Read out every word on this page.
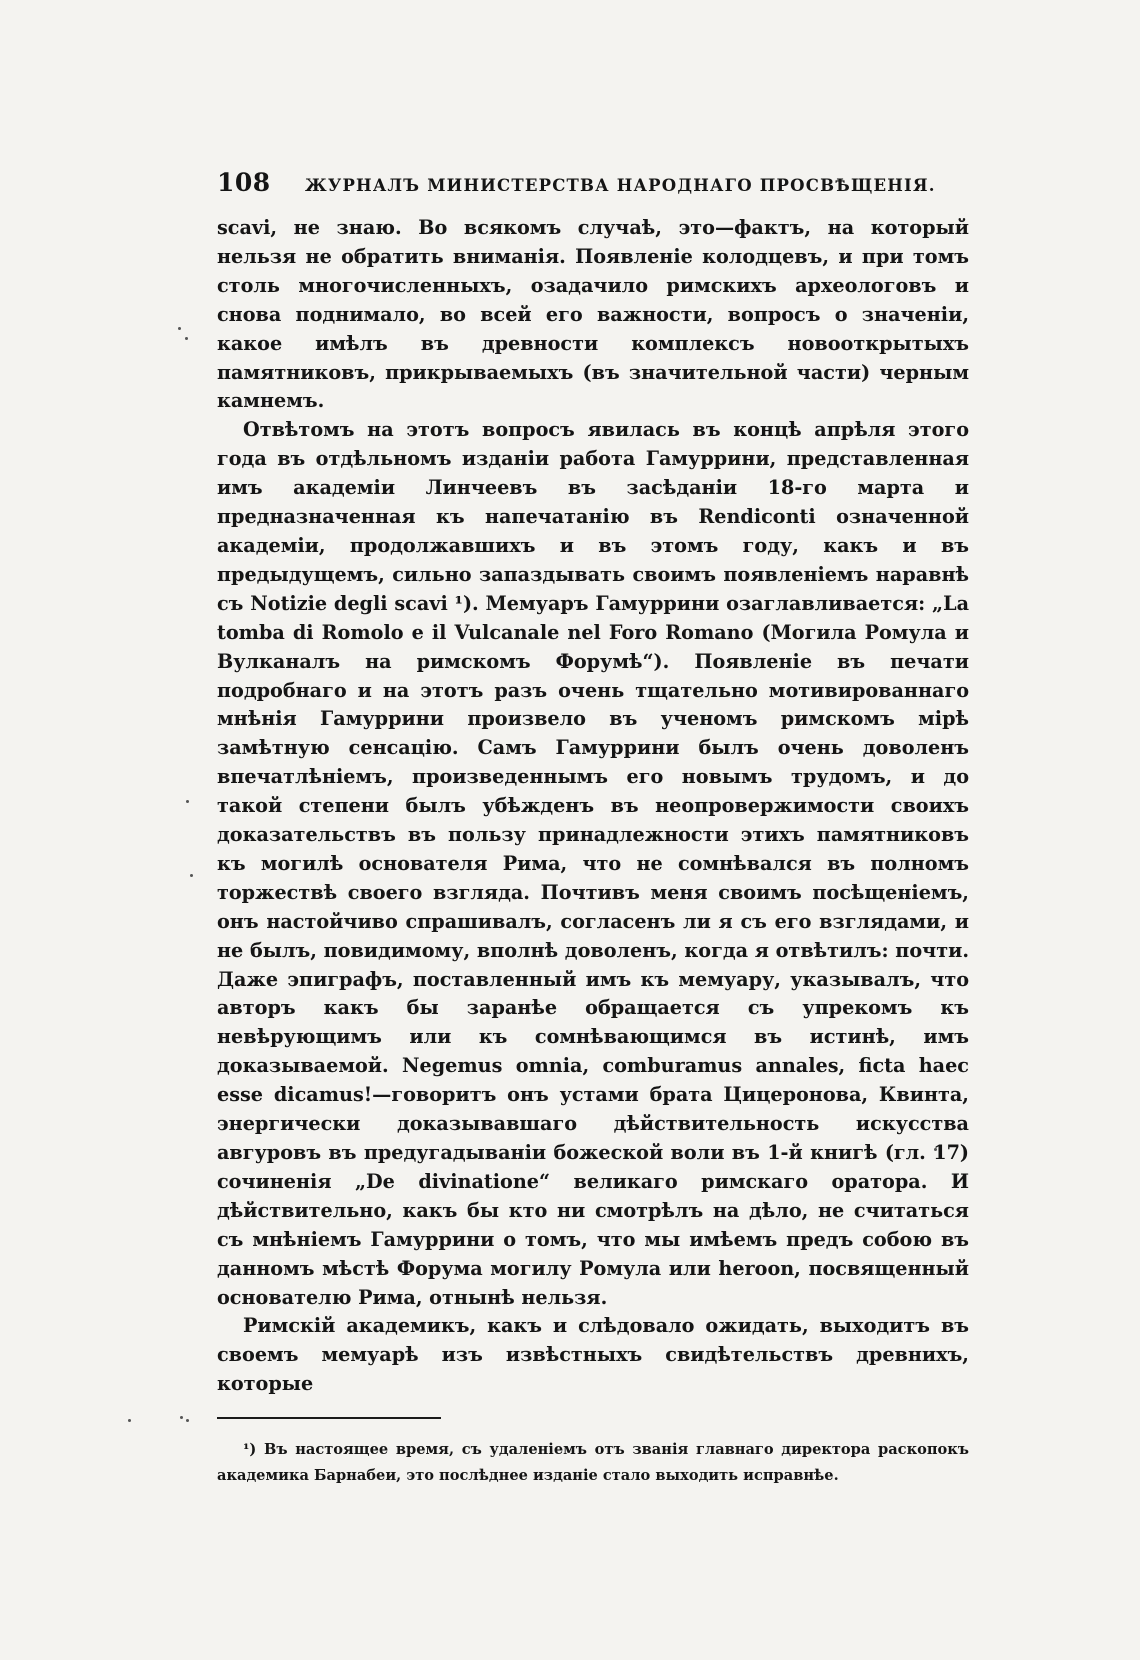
108	ЖУРНАЛЪ МИНИСТЕРСТВА НАРОДНАГО ПРОСВѢЩЕНІЯ.

scavi, не знаю. Во всякомъ случаѣ, это—фактъ, на который нельзя не обратить вниманія. Появленіе колодцевъ, и при томъ столь многочисленныхъ, озадачило римскихъ археологовъ и снова поднимало, во всей его важности, вопросъ о значеніи, какое имѣлъ въ древности комплексъ новооткрытыхъ памятниковъ, прикрываемыхъ (въ значительной части) черным камнемъ.

Отвѣтомъ на этотъ вопросъ явилась въ концѣ апрѣля этого года въ отдѣльномъ изданіи работа Гамуррини, представленная имъ академіи Линчеевъ въ засѣданіи 18-го марта и предназначенная къ напечатанію въ Rendiconti означенной академіи, продолжавшихъ и въ этомъ году, какъ и въ предыдущемъ, сильно запаздывать своимъ появленіемъ наравнѣ съ Notizie degli scavi ¹). Мемуаръ Гамуррини озаглавливается: „La tomba di Romolo e il Vulcanale nel Foro Romano (Могила Ромула и Вулканалъ на римскомъ Форумѣ“). Появленіе въ печати подробнаго и на этотъ разъ очень тщательно мотивированнаго мнѣнія Гамуррини произвело въ ученомъ римскомъ мірѣ замѣтную сенсацію. Самъ Гамуррини былъ очень доволенъ впечатлѣніемъ, произведеннымъ его новымъ трудомъ, и до такой степени былъ убѣжденъ въ неопровержимости своихъ доказательствъ въ пользу принадлежности этихъ памятниковъ къ могилѣ основателя Рима, что не сомнѣвался въ полномъ торжествѣ своего взгляда. Почтивъ меня своимъ посѣщеніемъ, онъ настойчиво спрашивалъ, согласенъ ли я съ его взглядами, и не былъ, повидимому, вполнѣ доволенъ, когда я отвѣтилъ: почти. Даже эпиграфъ, поставленный имъ къ мемуару, указывалъ, что авторъ какъ бы заранѣе обращается съ упрекомъ къ невѣрующимъ или къ сомнѣвающимся въ истинѣ, имъ доказываемой. Negemus omnia, comburamus annales, ficta haec esse dicamus!—говоритъ онъ устами брата Цицеронова, Квинта, энергически доказывавшаго дѣйствительность искусства авгуровъ въ предугадываніи божеской воли въ 1-й книгѣ (гл. 17) сочиненія „De divinatione“ великаго римскаго оратора. И дѣйствительно, какъ бы кто ни смотрѣлъ на дѣло, не считаться съ мнѣніемъ Гамуррини о томъ, что мы имѣемъ предъ собою въ данномъ мѣстѣ Форума могилу Ромула или heroon, посвященный основателю Рима, отнынѣ нельзя.

Римскій академикъ, какъ и слѣдовало ожидать, выходитъ въ своемъ мемуарѣ изъ извѣстныхъ свидѣтельствъ древнихъ, которые

¹) Въ настоящее время, съ удаленіемъ отъ званія главнаго директора раскопокъ академика Барнабеи, это послѣднее изданіе стало выходить исправнѣе.
